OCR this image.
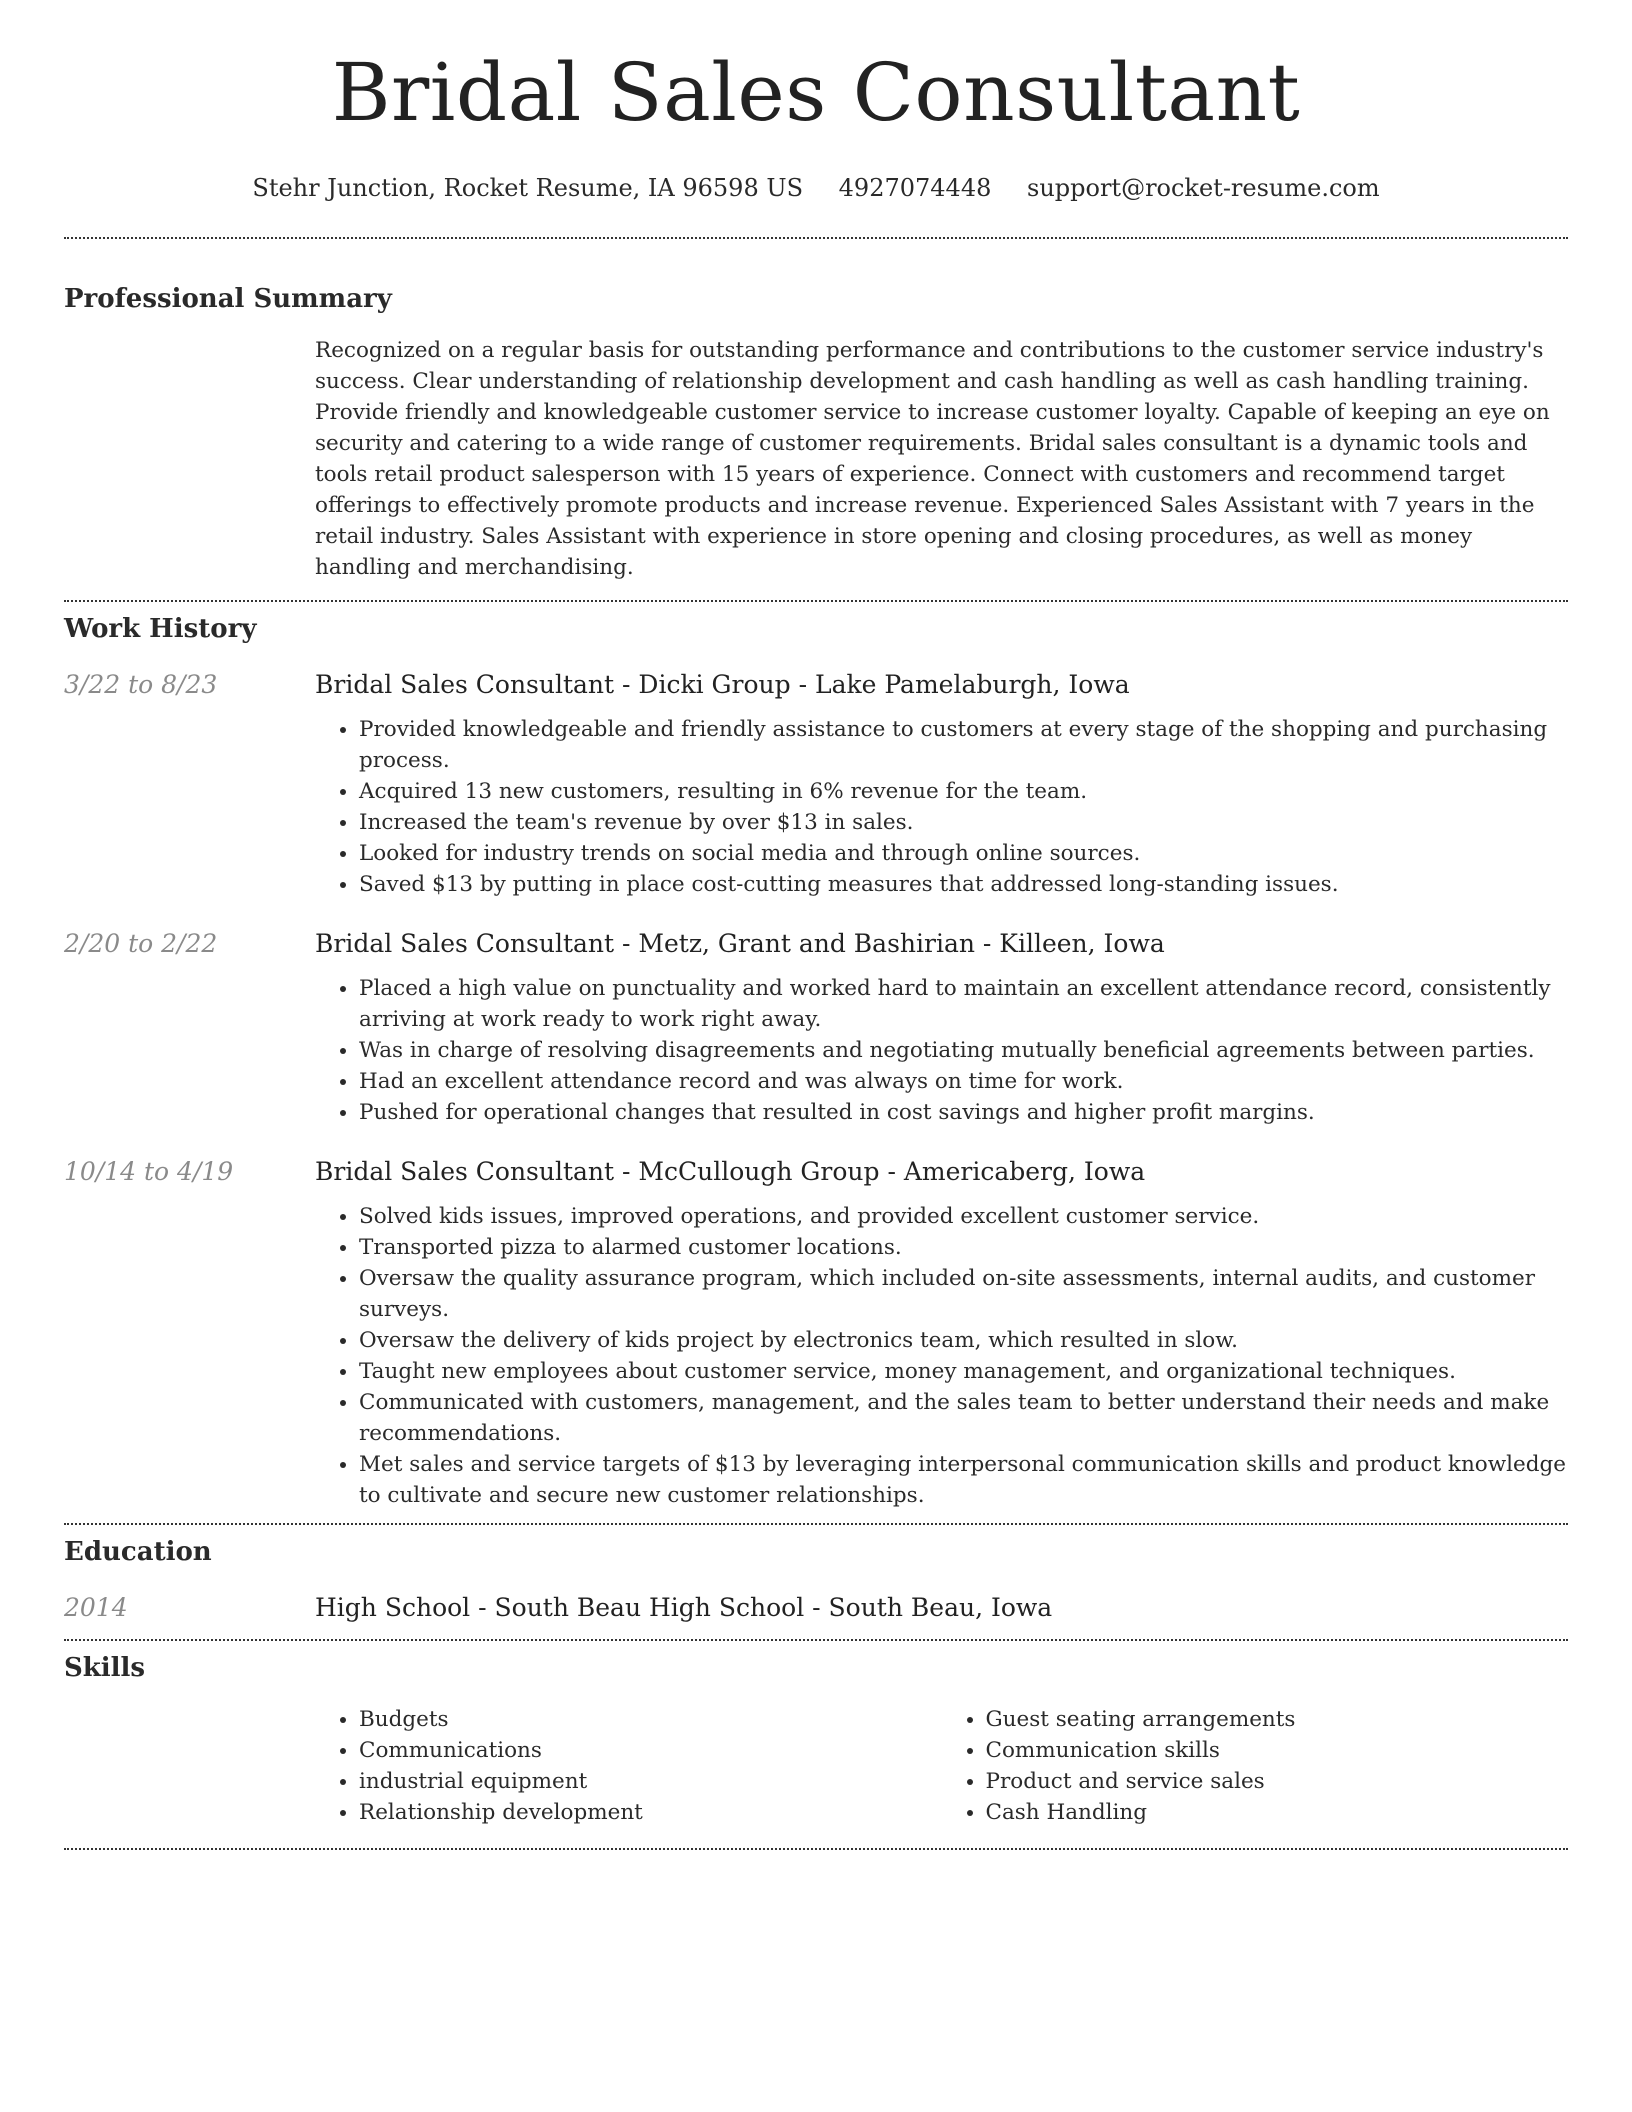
Bridal Sales Consultant
Stehr Junction, Rocket Resume, IA 96598 US 4927074448 support@rocket-resume.com
Professional Summary

Recognized on a regular basis for outstanding performance and contributions to the customer service industry's success. Clear understanding of relationship development and cash handling as well as cash handling training. Provide friendly and knowledgeable customer service to increase customer loyalty. Capable of keeping an eye on security and catering to a wide range of customer requirements. Bridal sales consultant is a dynamic tools and tools retail product salesperson with 15 years of experience. Connect with customers and recommend target offerings to effectively promote products and increase revenue. Experienced Sales Assistant with 7 years in the retail industry. Sales Assistant with experience in store opening and closing procedures, as well as money handling and merchandising.

Work History
3/22 to 8/23	Bridal Sales Consultant - Dicki Group - Lake Pamelaburgh, Iowa
• Provided knowledgeable and friendly assistance to customers at every stage of the shopping and purchasing process.
• Acquired 13 new customers, resulting in 6% revenue for the team.
• Increased the team's revenue by over $13 in sales.
• Looked for industry trends on social media and through online sources.
• Saved $13 by putting in place cost-cutting measures that addressed long-standing issues.
2/20 to 2/22	Bridal Sales Consultant - Metz, Grant and Bashirian - Killeen, Iowa
• Placed a high value on punctuality and worked hard to maintain an excellent attendance record, consistently arriving at work ready to work right away.
• Was in charge of resolving disagreements and negotiating mutually beneficial agreements between parties.
• Had an excellent attendance record and was always on time for work.
• Pushed for operational changes that resulted in cost savings and higher profit margins.
10/14 to 4/19	Bridal Sales Consultant - McCullough Group - Americaberg, Iowa
• Solved kids issues, improved operations, and provided excellent customer service.
• Transported pizza to alarmed customer locations.
• Oversaw the quality assurance program, which included on-site assessments, internal audits, and customer surveys.
• Oversaw the delivery of kids project by electronics team, which resulted in slow.
• Taught new employees about customer service, money management, and organizational techniques.
• Communicated with customers, management, and the sales team to better understand their needs and make recommendations.
• Met sales and service targets of $13 by leveraging interpersonal communication skills and product knowledge to cultivate and secure new customer relationships.
Education
2014	High School - South Beau High School - South Beau, Iowa
Skills
• Budgets
• Communications
• industrial equipment
• Relationship development
• Guest seating arrangements
• Communication skills
• Product and service sales
• Cash Handling
